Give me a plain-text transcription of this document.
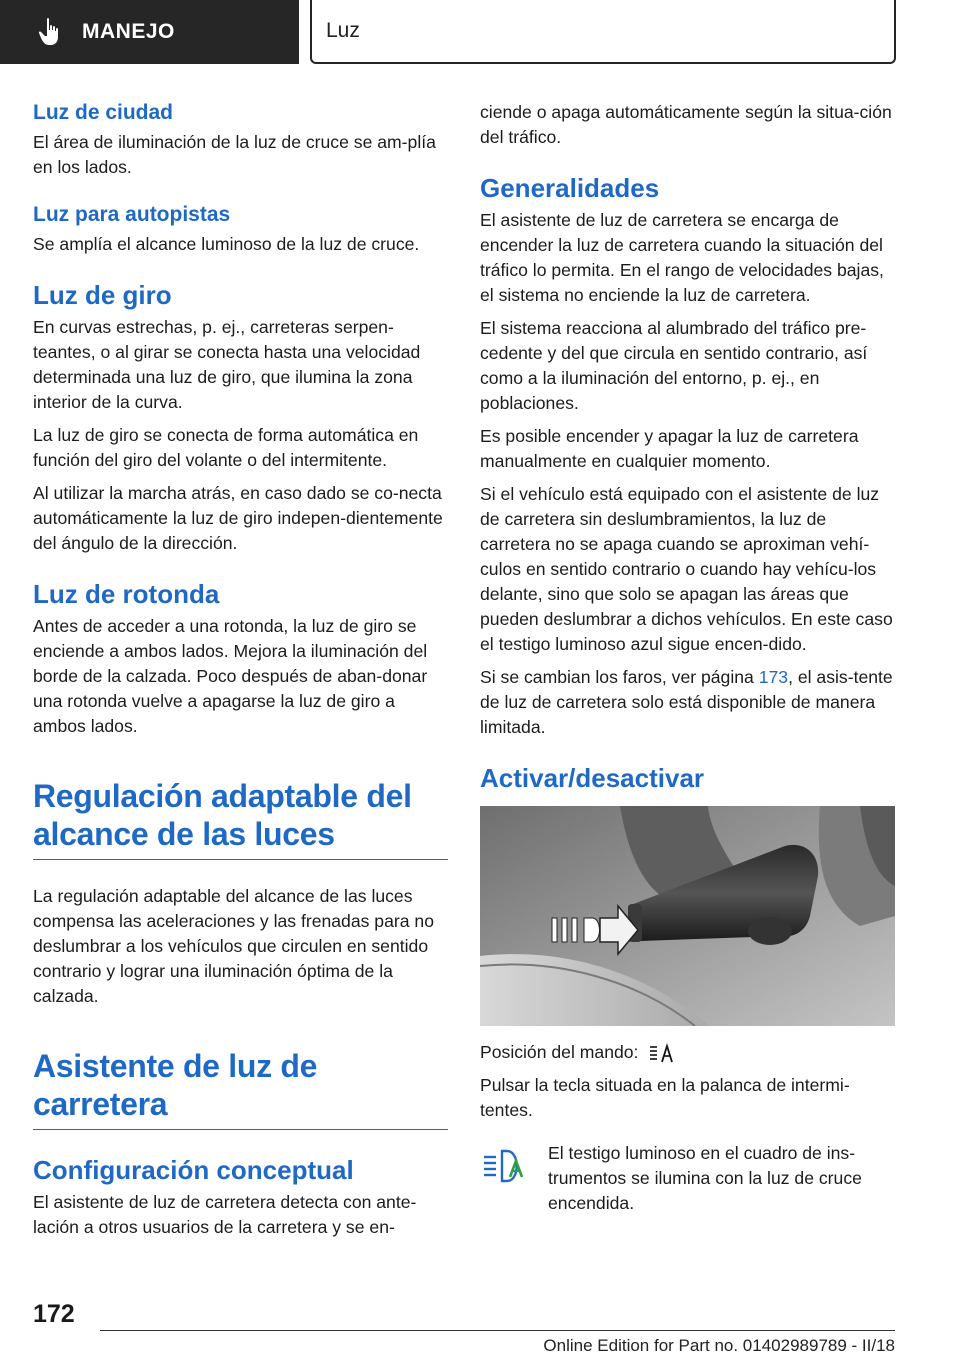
MANEJO	Luz
Luz de ciudad

El área de iluminación de la luz de cruce se am‐plía en los lados.

Luz para autopistas

Se amplía el alcance luminoso de la luz de cruce.

Luz de giro

En curvas estrechas, p. ej., carreteras serpen‐teantes, o al girar se conecta hasta una velocidad determinada una luz de giro, que ilumina la zona interior de la curva.

La luz de giro se conecta de forma automática en función del giro del volante o del intermitente.

Al utilizar la marcha atrás, en caso dado se co‐necta automáticamente la luz de giro indepen‐dientemente del ángulo de la dirección.

Luz de rotonda

Antes de acceder a una rotonda, la luz de giro se enciende a ambos lados. Mejora la iluminación del borde de la calzada. Poco después de aban‐donar una rotonda vuelve a apagarse la luz de giro a ambos lados.

Regulación adaptable del alcance de las luces

La regulación adaptable del alcance de las luces compensa las aceleraciones y las frenadas para no deslumbrar a los vehículos que circulen en sentido contrario y lograr una iluminación óptima de la calzada.

Asistente de luz de carretera
Configuración conceptual

El asistente de luz de carretera detecta con ante‐lación a otros usuarios de la carretera y se en‐

ciende o apaga automáticamente según la situa‐ción del tráfico.

Generalidades

El asistente de luz de carretera se encarga de encender la luz de carretera cuando la situación del tráfico lo permita. En el rango de velocidades bajas, el sistema no enciende la luz de carretera.

El sistema reacciona al alumbrado del tráfico pre‐cedente y del que circula en sentido contrario, así como a la iluminación del entorno, p. ej., en poblaciones.

Es posible encender y apagar la luz de carretera manualmente en cualquier momento.

Si el vehículo está equipado con el asistente de luz de carretera sin deslumbramientos, la luz de carretera no se apaga cuando se aproximan vehí‐culos en sentido contrario o cuando hay vehícu‐los delante, sino que solo se apagan las áreas que pueden deslumbrar a dichos vehículos. En este caso el testigo luminoso azul sigue encen‐dido.

Si se cambian los faros, ver página 173, el asis‐tente de luz de carretera solo está disponible de manera limitada.

Activar/desactivar

Posición del mando:

Pulsar la tecla situada en la palanca de intermi‐tentes.

El testigo luminoso en el cuadro de ins‐trumentos se ilumina con la luz de cruce encendida.

172
Online Edition for Part no. 01402989789 - II/18
